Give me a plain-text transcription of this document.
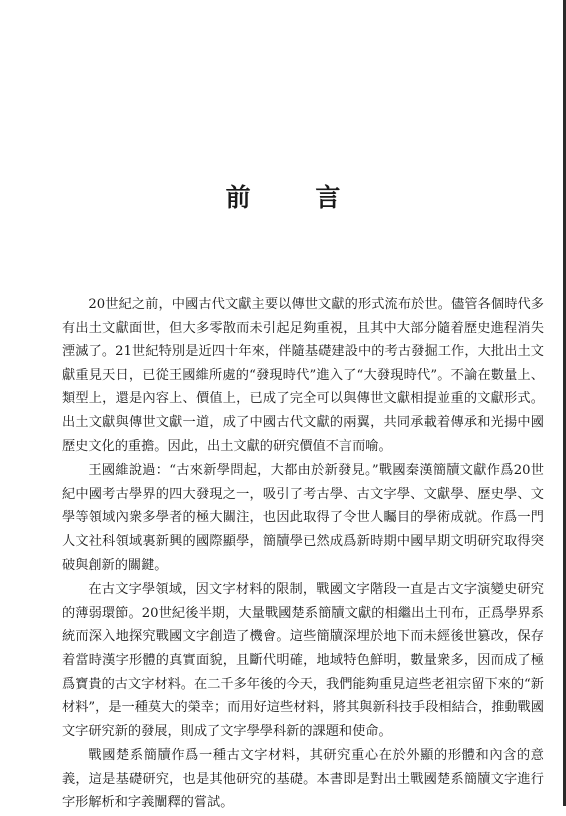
前 言

20世紀之前，中國古代文獻主要以傳世文獻的形式流布於世。儘管各個時代多有出土文獻面世，但大多零散而未引起足夠重視，且其中大部分隨着歷史進程消失湮滅了。21世紀特別是近四十年來，伴隨基礎建設中的考古發掘工作，大批出土文獻重見天日，已從王國維所處的“發現時代”進入了“大發現時代”。不論在數量上、類型上，還是內容上、價值上，已成了完全可以與傳世文獻相提並重的文獻形式。出土文獻與傳世文獻一道，成了中國古代文獻的兩翼，共同承載着傳承和光揚中國歷史文化的重擔。因此，出土文獻的研究價值不言而喻。

王國維說過：“古來新學問起，大都由於新發見。”戰國秦漢簡牘文獻作爲20世紀中國考古學界的四大發現之一，吸引了考古學、古文字學、文獻學、歷史學、文學等領域內衆多學者的極大關注，也因此取得了令世人矚目的學術成就。作爲一門人文社科領域裏新興的國際顯學，簡牘學已然成爲新時期中國早期文明研究取得突破與創新的關鍵。

在古文字學領域，因文字材料的限制，戰國文字階段一直是古文字演變史研究的薄弱環節。20世紀後半期，大量戰國楚系簡牘文獻的相繼出土刊布，正爲學界系統而深入地探究戰國文字創造了機會。這些簡牘深埋於地下而未經後世篡改，保存着當時漢字形體的真實面貌，且斷代明確，地域特色鮮明，數量衆多，因而成了極爲寶貴的古文字材料。在二千多年後的今天，我們能夠重見這些老祖宗留下來的“新材料”，是一種莫大的榮幸；而用好這些材料，將其與新科技手段相結合，推動戰國文字研究新的發展，則成了文字學學科新的課題和使命。

戰國楚系簡牘作爲一種古文字材料，其研究重心在於外顯的形體和內含的意義，這是基礎研究，也是其他研究的基礎。本書即是對出土戰國楚系簡牘文字進行字形解析和字義闡釋的嘗試。
